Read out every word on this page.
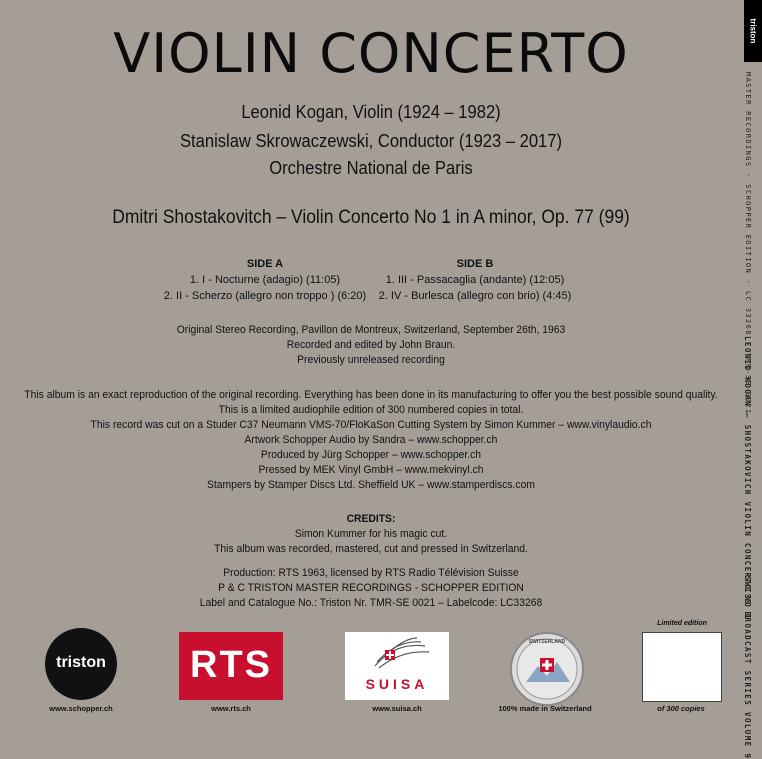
VIOLIN CONCERTO
Leonid Kogan, Violin (1924 – 1982)
Stanislaw Skrowaczewski, Conductor (1923 – 2017)
Orchestre National de Paris
Dmitri Shostakovitch – Violin Concerto No 1 in A minor, Op. 77 (99)
SIDE A
1. I - Nocturne (adagio) (11:05)
2. II - Scherzo (allegro non troppo ) (6:20)
SIDE B
1. III - Passacaglia (andante) (12:05)
2. IV - Burlesca (allegro con brio) (4:45)
Original Stereo Recording, Pavillon de Montreux, Switzerland, September 26th, 1963
Recorded and edited by John Braun.
Previously unreleased recording
This album is an exact reproduction of the original recording. Everything has been done in its manufacturing to offer you the best possible sound quality.
This is a limited audiophile edition of 300 numbered copies in total.
This record was cut on a Studer C37 Neumann VMS-70/FloKaSon Cutting System by Simon Kummer – www.vinylaudio.ch
Artwork Schopper Audio by Sandra – www.schopper.ch
Produced by Jürg Schopper – www.schopper.ch
Pressed by MEK Vinyl GmbH – www.mekvinyl.ch
Stampers by Stamper Discs Ltd. Sheffield UK – www.stamperdiscs.com
CREDITS:
Simon Kummer for his magic cut.
This album was recorded, mastered, cut and pressed in Switzerland.
Production: RTS 1963, licensed by RTS Radio Télévision Suisse
P & C TRISTON MASTER RECORDINGS - SCHOPPER EDITION
Label and Catalogue No.: Triston Nr. TMR-SE 0021 – Labelcode: LC33268
triston
MASTER RECORDINGS · SCHOPPER EDITION · LC 33268 · TMR-SE 0021
LEONID KOGAN – SHOSTAKOVICH VIOLIN CONCERTO NO 1
SWISS BROADCAST SERIES VOLUME 9
triston
www.schopper.ch
RTS
www.rts.ch
SUISA
www.suisa.ch
SWITZERLAND
100% made in Switzerland
Limited edition
of 300 copies
